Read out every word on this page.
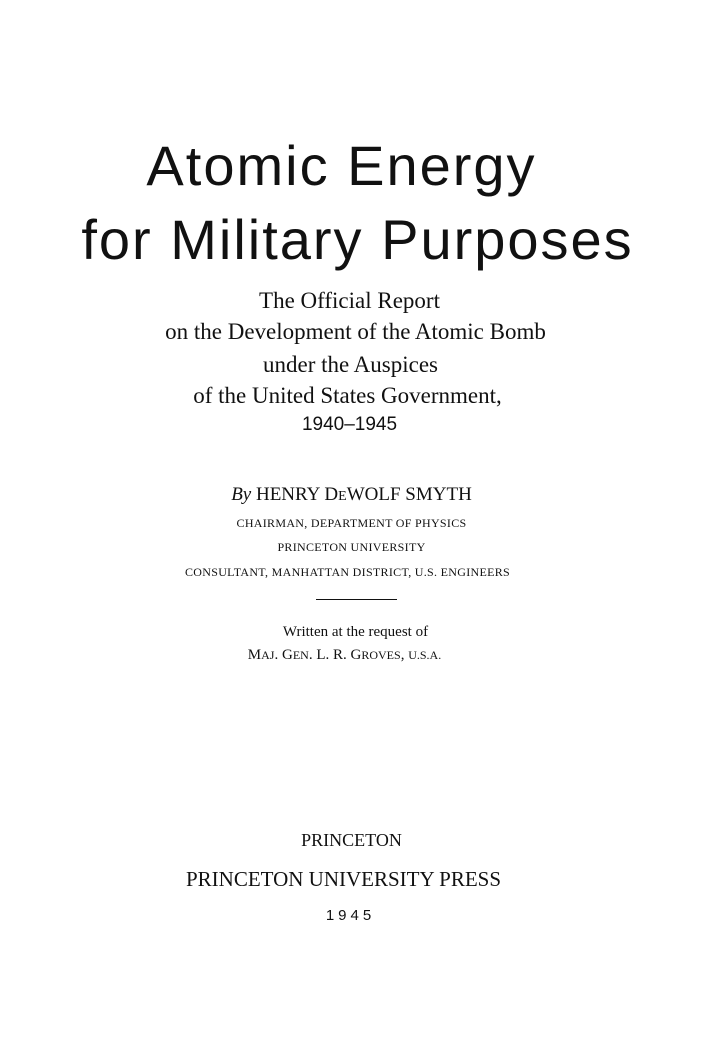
Atomic Energy
for Military Purposes
The Official Report
on the Development of the Atomic Bomb
under the Auspices
of the United States Government,
1940–1945
By HENRY DEWOLF SMYTH
CHAIRMAN, DEPARTMENT OF PHYSICS
PRINCETON UNIVERSITY
CONSULTANT, MANHATTAN DISTRICT, U.S. ENGINEERS
Written at the request of
MAJ. GEN. L. R. GROVES, U.S.A.
PRINCETON
PRINCETON UNIVERSITY PRESS
1945
